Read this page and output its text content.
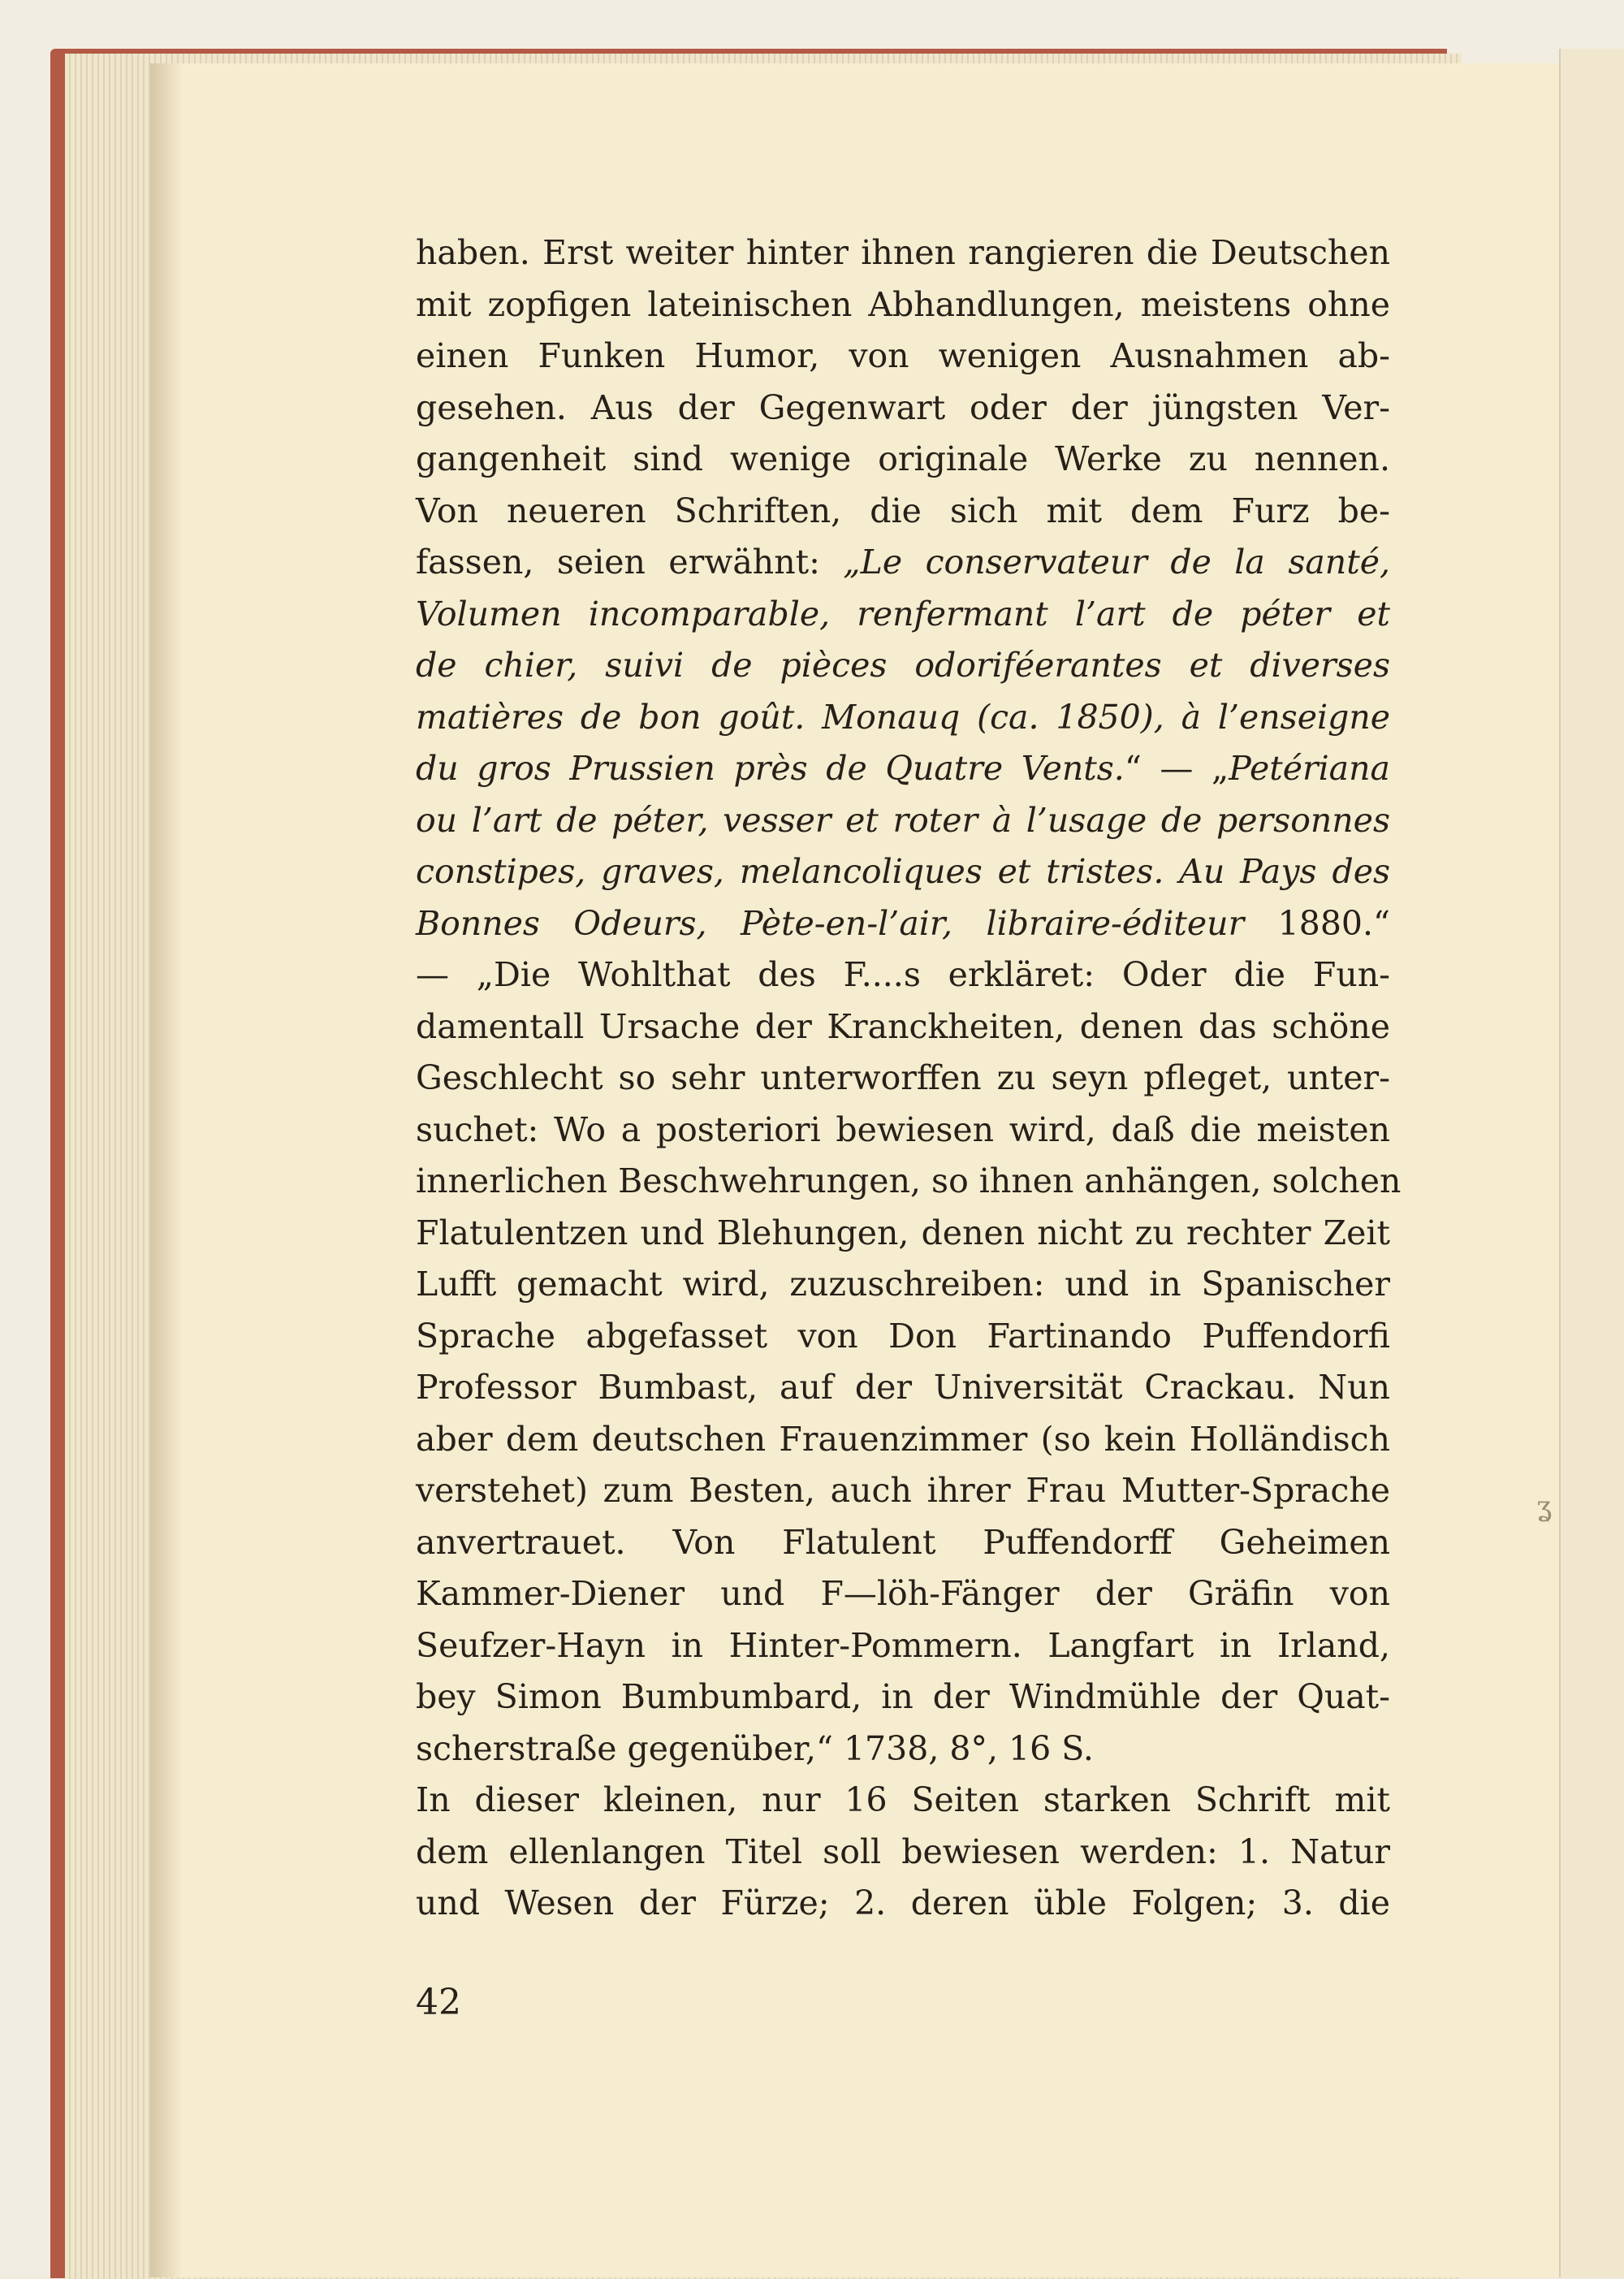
haben. Erst weiter hinter ihnen rangieren die Deutschen
mit zopfigen lateinischen Abhandlungen, meistens ohne
einen Funken Humor, von wenigen Ausnahmen ab-
gesehen. Aus der Gegenwart oder der jüngsten Ver-
gangenheit sind wenige originale Werke zu nennen.
Von neueren Schriften, die sich mit dem Furz be-
fassen, seien erwähnt: „Le conservateur de la santé,
Volumen incomparable, renfermant l’art de péter et
de chier, suivi de pièces odoriféerantes et diverses
matières de bon goût. Monauq (ca. 1850), à l’enseigne
du gros Prussien près de Quatre Vents.“ — „Petériana
ou l’art de péter, vesser et roter à l’usage de personnes
constipes, graves, melancoliques et tristes. Au Pays des
Bonnes Odeurs, Pète-en-l’air, libraire-éditeur 1880.“
— „Die Wohlthat des F....s erkläret: Oder die Fun-
damentall Ursache der Kranckheiten, denen das schöne
Geschlecht so sehr unterworffen zu seyn pfleget, unter-
suchet: Wo a posteriori bewiesen wird, daß die meisten
innerlichen Beschwehrungen, so ihnen anhängen, solchen
Flatulentzen und Blehungen, denen nicht zu rechter Zeit
Lufft gemacht wird, zuzuschreiben: und in Spanischer
Sprache abgefasset von Don Fartinando Puffendorfi
Professor Bumbast, auf der Universität Crackau. Nun
aber dem deutschen Frauenzimmer (so kein Holländisch
verstehet) zum Besten, auch ihrer Frau Mutter-Sprache
anvertrauet. Von Flatulent Puffendorff Geheimen
Kammer-Diener und F—löh-Fänger der Gräfin von
Seufzer-Hayn in Hinter-Pommern. Langfart in Irland,
bey Simon Bumbumbard, in der Windmühle der Quat-
scherstraße gegenüber,“ 1738, 8°, 16 S.
In dieser kleinen, nur 16 Seiten starken Schrift mit
dem ellenlangen Titel soll bewiesen werden: 1. Natur
und Wesen der Fürze; 2. deren üble Folgen; 3. die
42
ʓ
